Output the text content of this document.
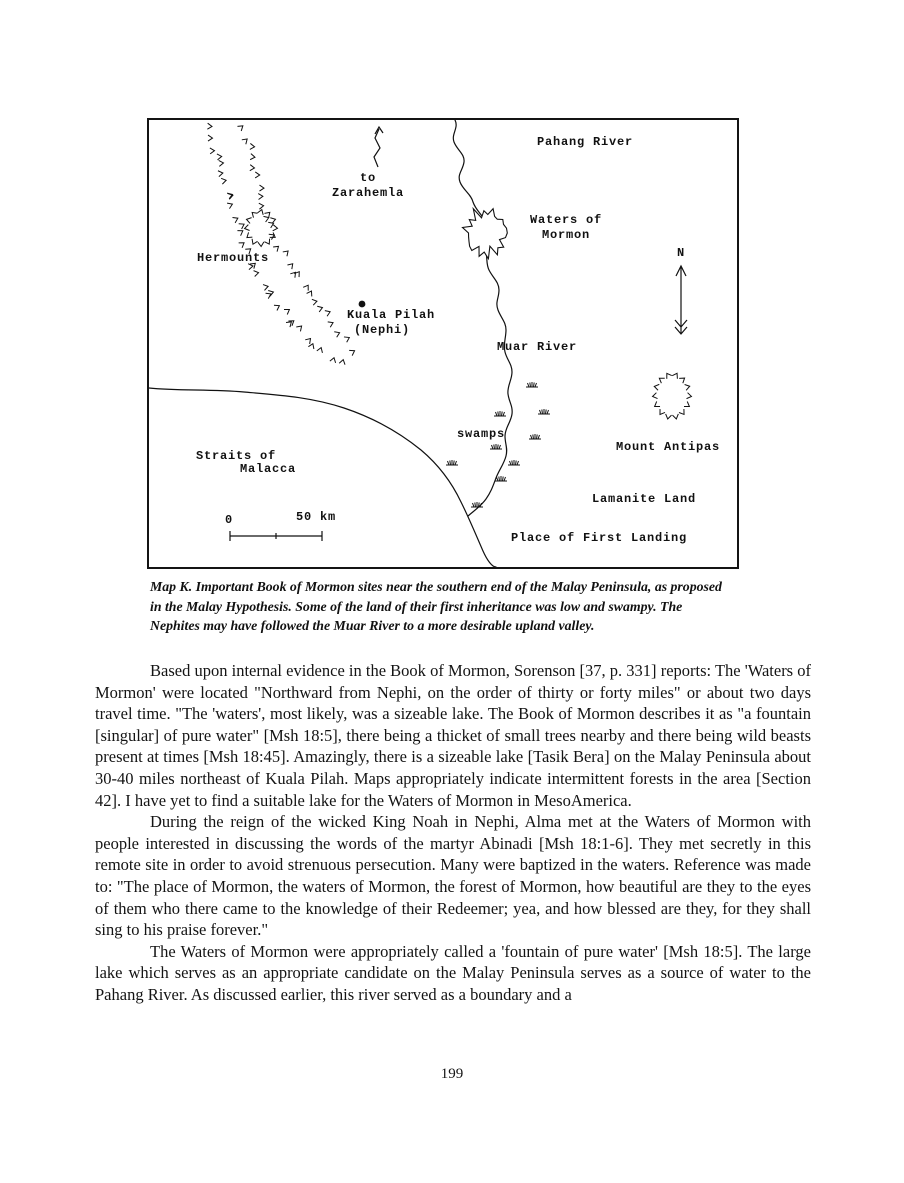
Pahang River
to
Zarahemla
Waters of
Mormon
N
Hermounts
Kuala Pilah
(Nephi)
Muar River
swamps
Straits of
Malacca
Mount Antipas
Lamanite Land
0	50 km
Place of First Landing
Map K. Important Book of Mormon sites near the southern end of the Malay Peninsula, as proposed
in the Malay Hypothesis. Some of the land of their first inheritance was low and swampy. The
Nephites may have followed the Muar River to a more desirable upland valley.

Based upon internal evidence in the Book of Mormon, Sorenson [37, p. 331] reports: The 'Waters of Mormon' were located "Northward from Nephi, on the order of thirty or forty miles" or about two days travel time. "The 'waters', most likely, was a sizeable lake. The Book of Mormon describes it as "a fountain [singular] of pure water" [Msh 18:5], there being a thicket of small trees nearby and there being wild beasts present at times [Msh 18:45]. Amazingly, there is a sizeable lake [Tasik Bera] on the Malay Peninsula about 30-40 miles northeast of Kuala Pilah. Maps appropriately indicate intermittent forests in the area [Section 42]. I have yet to find a suitable lake for the Waters of Mormon in MesoAmerica.

During the reign of the wicked King Noah in Nephi, Alma met at the Waters of Mormon with people interested in discussing the words of the martyr Abinadi [Msh 18:1-6]. They met secretly in this remote site in order to avoid strenuous persecution. Many were baptized in the waters. Reference was made to: "The place of Mormon, the waters of Mormon, the forest of Mormon, how beautiful are they to the eyes of them who there came to the knowledge of their Redeemer; yea, and how blessed are they, for they shall sing to his praise forever."

The Waters of Mormon were appropriately called a 'fountain of pure water' [Msh 18:5]. The large lake which serves as an appropriate candidate on the Malay Peninsula serves as a source of water to the Pahang River. As discussed earlier, this river served as a boundary and a

199
